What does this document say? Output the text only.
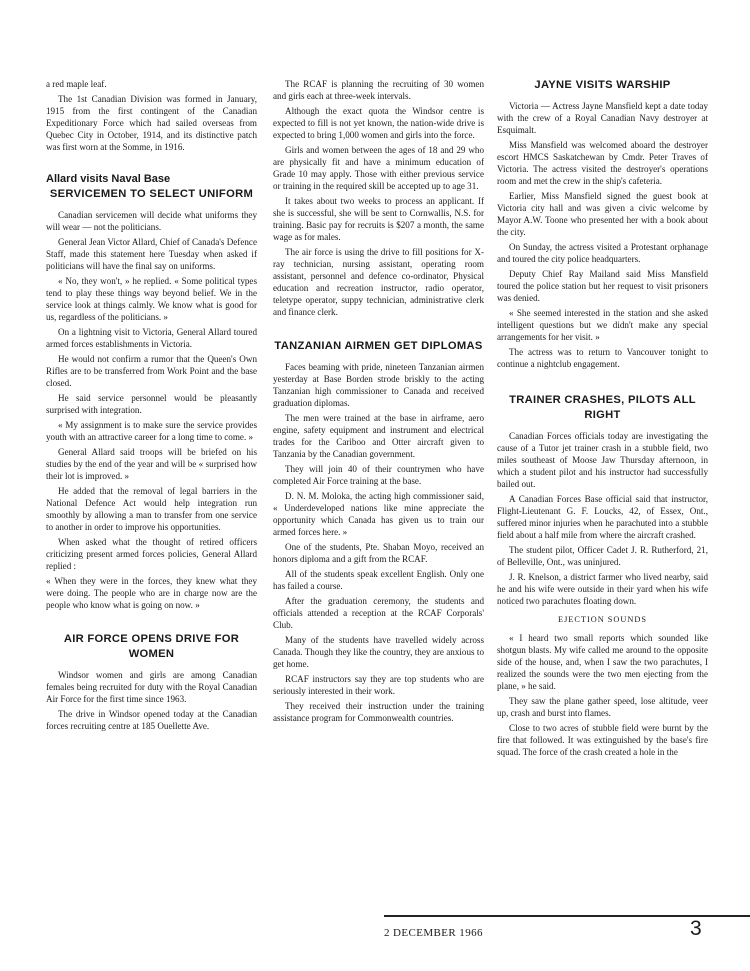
a red maple leaf.

The 1st Canadian Division was formed in January, 1915 from the first contingent of the Canadian Expeditionary Force which had sailed overseas from Quebec City in October, 1914, and its distinctive patch was first worn at the Somme, in 1916.

Allard visits Naval Base
SERVICEMEN TO SELECT UNIFORM

Canadian servicemen will decide what uniforms they will wear — not the politicians.

General Jean Victor Allard, Chief of Canada's Defence Staff, made this statement here Tuesday when asked if politicians will have the final say on uniforms.

« No, they won't, » he replied. « Some political types tend to play these things way beyond belief. We in the service look at things calmly. We know what is good for us, regardless of the politicians. »

On a lightning visit to Victoria, General Allard toured armed forces establishments in Victoria.

He would not confirm a rumor that the Queen's Own Rifles are to be transferred from Work Point and the base closed.

He said service personnel would be pleasantly surprised with integration.

« My assignment is to make sure the service provides youth with an attractive career for a long time to come. »

General Allard said troops will be briefed on his studies by the end of the year and will be « surprised how their lot is improved. »

He added that the removal of legal barriers in the National Defence Act would help integration run smoothly by allowing a man to transfer from one service to another in order to improve his opportunities.

When asked what the thought of retired officers criticizing present armed forces policies, General Allard replied :

« When they were in the forces, they knew what they were doing. The people who are in charge now are the people who know what is going on now. »

AIR FORCE OPENS DRIVE FOR WOMEN

Windsor women and girls are among Canadian females being recruited for duty with the Royal Canadian Air Force for the first time since 1963.

The drive in Windsor opened today at the Canadian forces recruiting centre at 185 Ouellette Ave.

The RCAF is planning the recruiting of 30 women and girls each at three-week intervals.

Although the exact quota the Windsor centre is expected to fill is not yet known, the nation-wide drive is expected to bring 1,000 women and girls into the force.

Girls and women between the ages of 18 and 29 who are physically fit and have a minimum education of Grade 10 may apply. Those with either previous service or training in the required skill be accepted up to age 31.

It takes about two weeks to process an applicant. If she is successful, she will be sent to Cornwallis, N.S. for training. Basic pay for recruits is $207 a month, the same wage as for males.

The air force is using the drive to fill positions for X-ray technician, nursing assistant, operating room assistant, personnel and defence co-ordinator, Physical education and recreation instructor, radio operator, teletype operator, suppy technician, administrative clerk and finance clerk.

TANZANIAN AIRMEN GET DIPLOMAS

Faces beaming with pride, nineteen Tanzanian airmen yesterday at Base Borden strode briskly to the acting Tanzanian high commissioner to Canada and received graduation diplomas.

The men were trained at the base in airframe, aero engine, safety equipment and instrument and electrical trades for the Cariboo and Otter aircraft given to Tanzania by the Canadian government.

They will join 40 of their countrymen who have completed Air Force training at the base.

D. N. M. Moloka, the acting high commissioner said, « Underdeveloped nations like mine appreciate the opportunity which Canada has given us to train our armed forces here. »

One of the students, Pte. Shaban Moyo, received an honors diploma and a gift from the RCAF.

All of the students speak excellent English. Only one has failed a course.

After the graduation ceremony, the students and officials attended a reception at the RCAF Corporals' Club.

Many of the students have travelled widely across Canada. Though they like the country, they are anxious to get home.

RCAF instructors say they are top students who are seriously interested in their work.

They received their instruction under the training assistance program for Commonwealth countries.

JAYNE VISITS WARSHIP

Victoria — Actress Jayne Mansfield kept a date today with the crew of a Royal Canadian Navy destroyer at Esquimalt.

Miss Mansfield was welcomed aboard the destroyer escort HMCS Saskatchewan by Cmdr. Peter Traves of Victoria. The actress visited the destroyer's operations room and met the crew in the ship's cafeteria.

Earlier, Miss Mansfield signed the guest book at Victoria city hall and was given a civic welcome by Mayor A.W. Toone who presented her with a book about the city.

On Sunday, the actress visited a Protestant orphanage and toured the city police headquarters.

Deputy Chief Ray Mailand said Miss Mansfield toured the police station but her request to visit prisoners was denied.

« She seemed interested in the station and she asked intelligent questions but we didn't make any special arrangements for her visit. »

The actress was to return to Vancouver tonight to continue a nightclub engagement.

TRAINER CRASHES, PILOTS ALL RIGHT

Canadian Forces officials today are investigating the cause of a Tutor jet trainer crash in a stubble field, two miles southeast of Moose Jaw Thursday afternoon, in which a student pilot and his instructor had successfully bailed out.

A Canadian Forces Base official said that instructor, Flight-Lieutenant G. F. Loucks, 42, of Essex, Ont., suffered minor injuries when he parachuted into a stubble field about a half mile from where the aircraft crashed.

The student pilot, Officer Cadet J. R. Rutherford, 21, of Belleville, Ont., was uninjured.

J. R. Knelson, a district farmer who lived nearby, said he and his wife were outside in their yard when his wife noticed two parachutes floating down.

EJECTION SOUNDS

« I heard two small reports which sounded like shotgun blasts. My wife called me around to the opposite side of the house, and, when I saw the two parachutes, I realized the sounds were the two men ejecting from the plane, » he said.

They saw the plane gather speed, lose altitude, veer up, crash and burst into flames.

Close to two acres of stubble field were burnt by the fire that followed. It was extinguished by the base's fire squad. The force of the crash created a hole in the

2 DECEMBER 1966	3
